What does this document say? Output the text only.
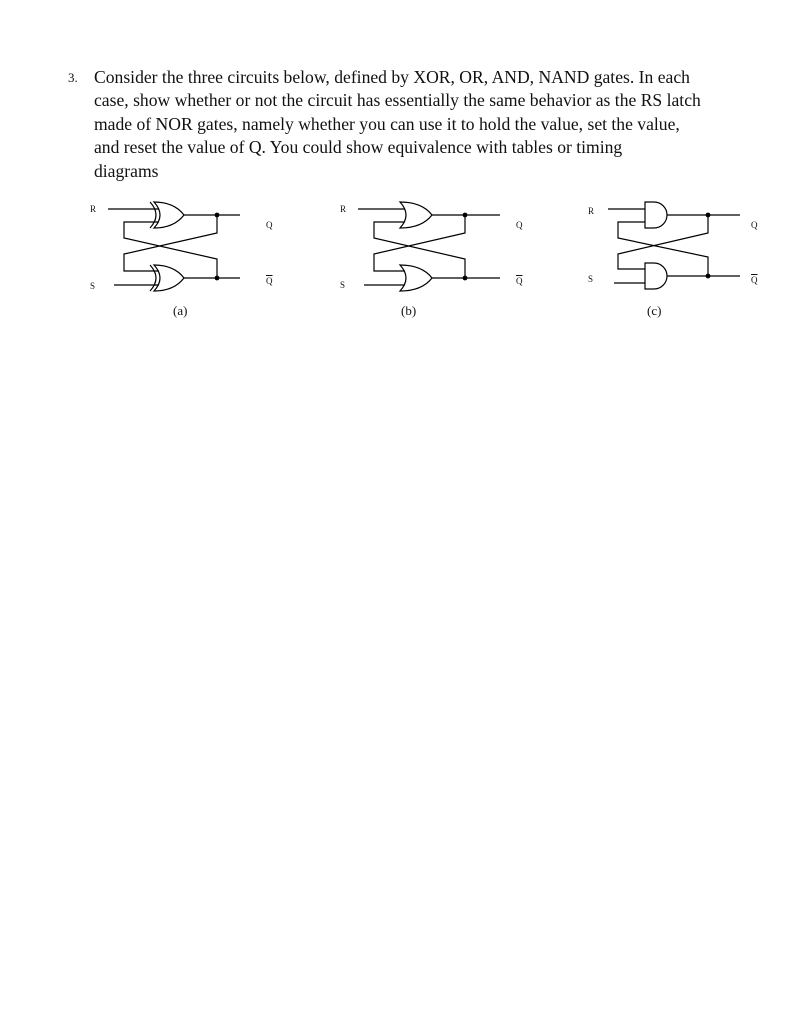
3. Consider the three circuits below, defined by XOR, OR, AND, NAND gates. In each
case, show whether or not the circuit has essentially the same behavior as the RS latch
made of NOR gates, namely whether you can use it to hold the value, set the value,
and reset the value of Q. You could show equivalence with tables or timing
diagrams
R
S
Q
$\overline{Q}$
(a)
R
S
Q
$\overline{Q}$
(b)
R
S
Q
$\overline{Q}$
(c)
